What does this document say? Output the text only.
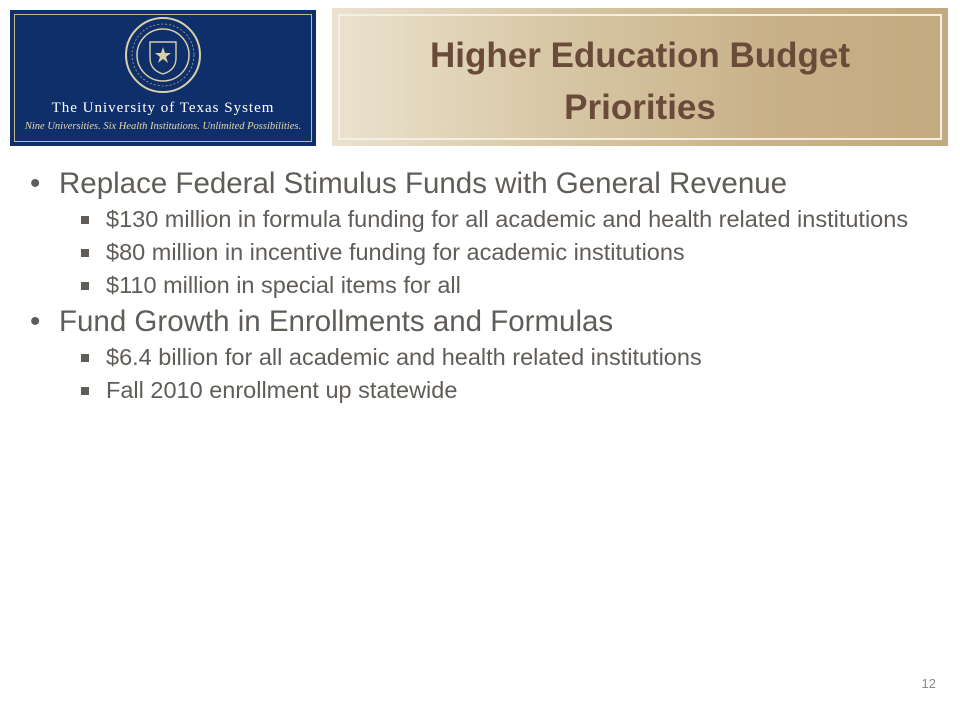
The University of Texas System
Nine Universities. Six Health Institutions. Unlimited Possibilities.
Higher Education Budget
Priorities
• Replace Federal Stimulus Funds with General Revenue
$130 million in formula funding for all academic and health related institutions
$80 million in incentive funding for academic institutions
$110 million in special items for all
• Fund Growth in Enrollments and Formulas
$6.4 billion for all academic and health related institutions
Fall 2010 enrollment up statewide
12
